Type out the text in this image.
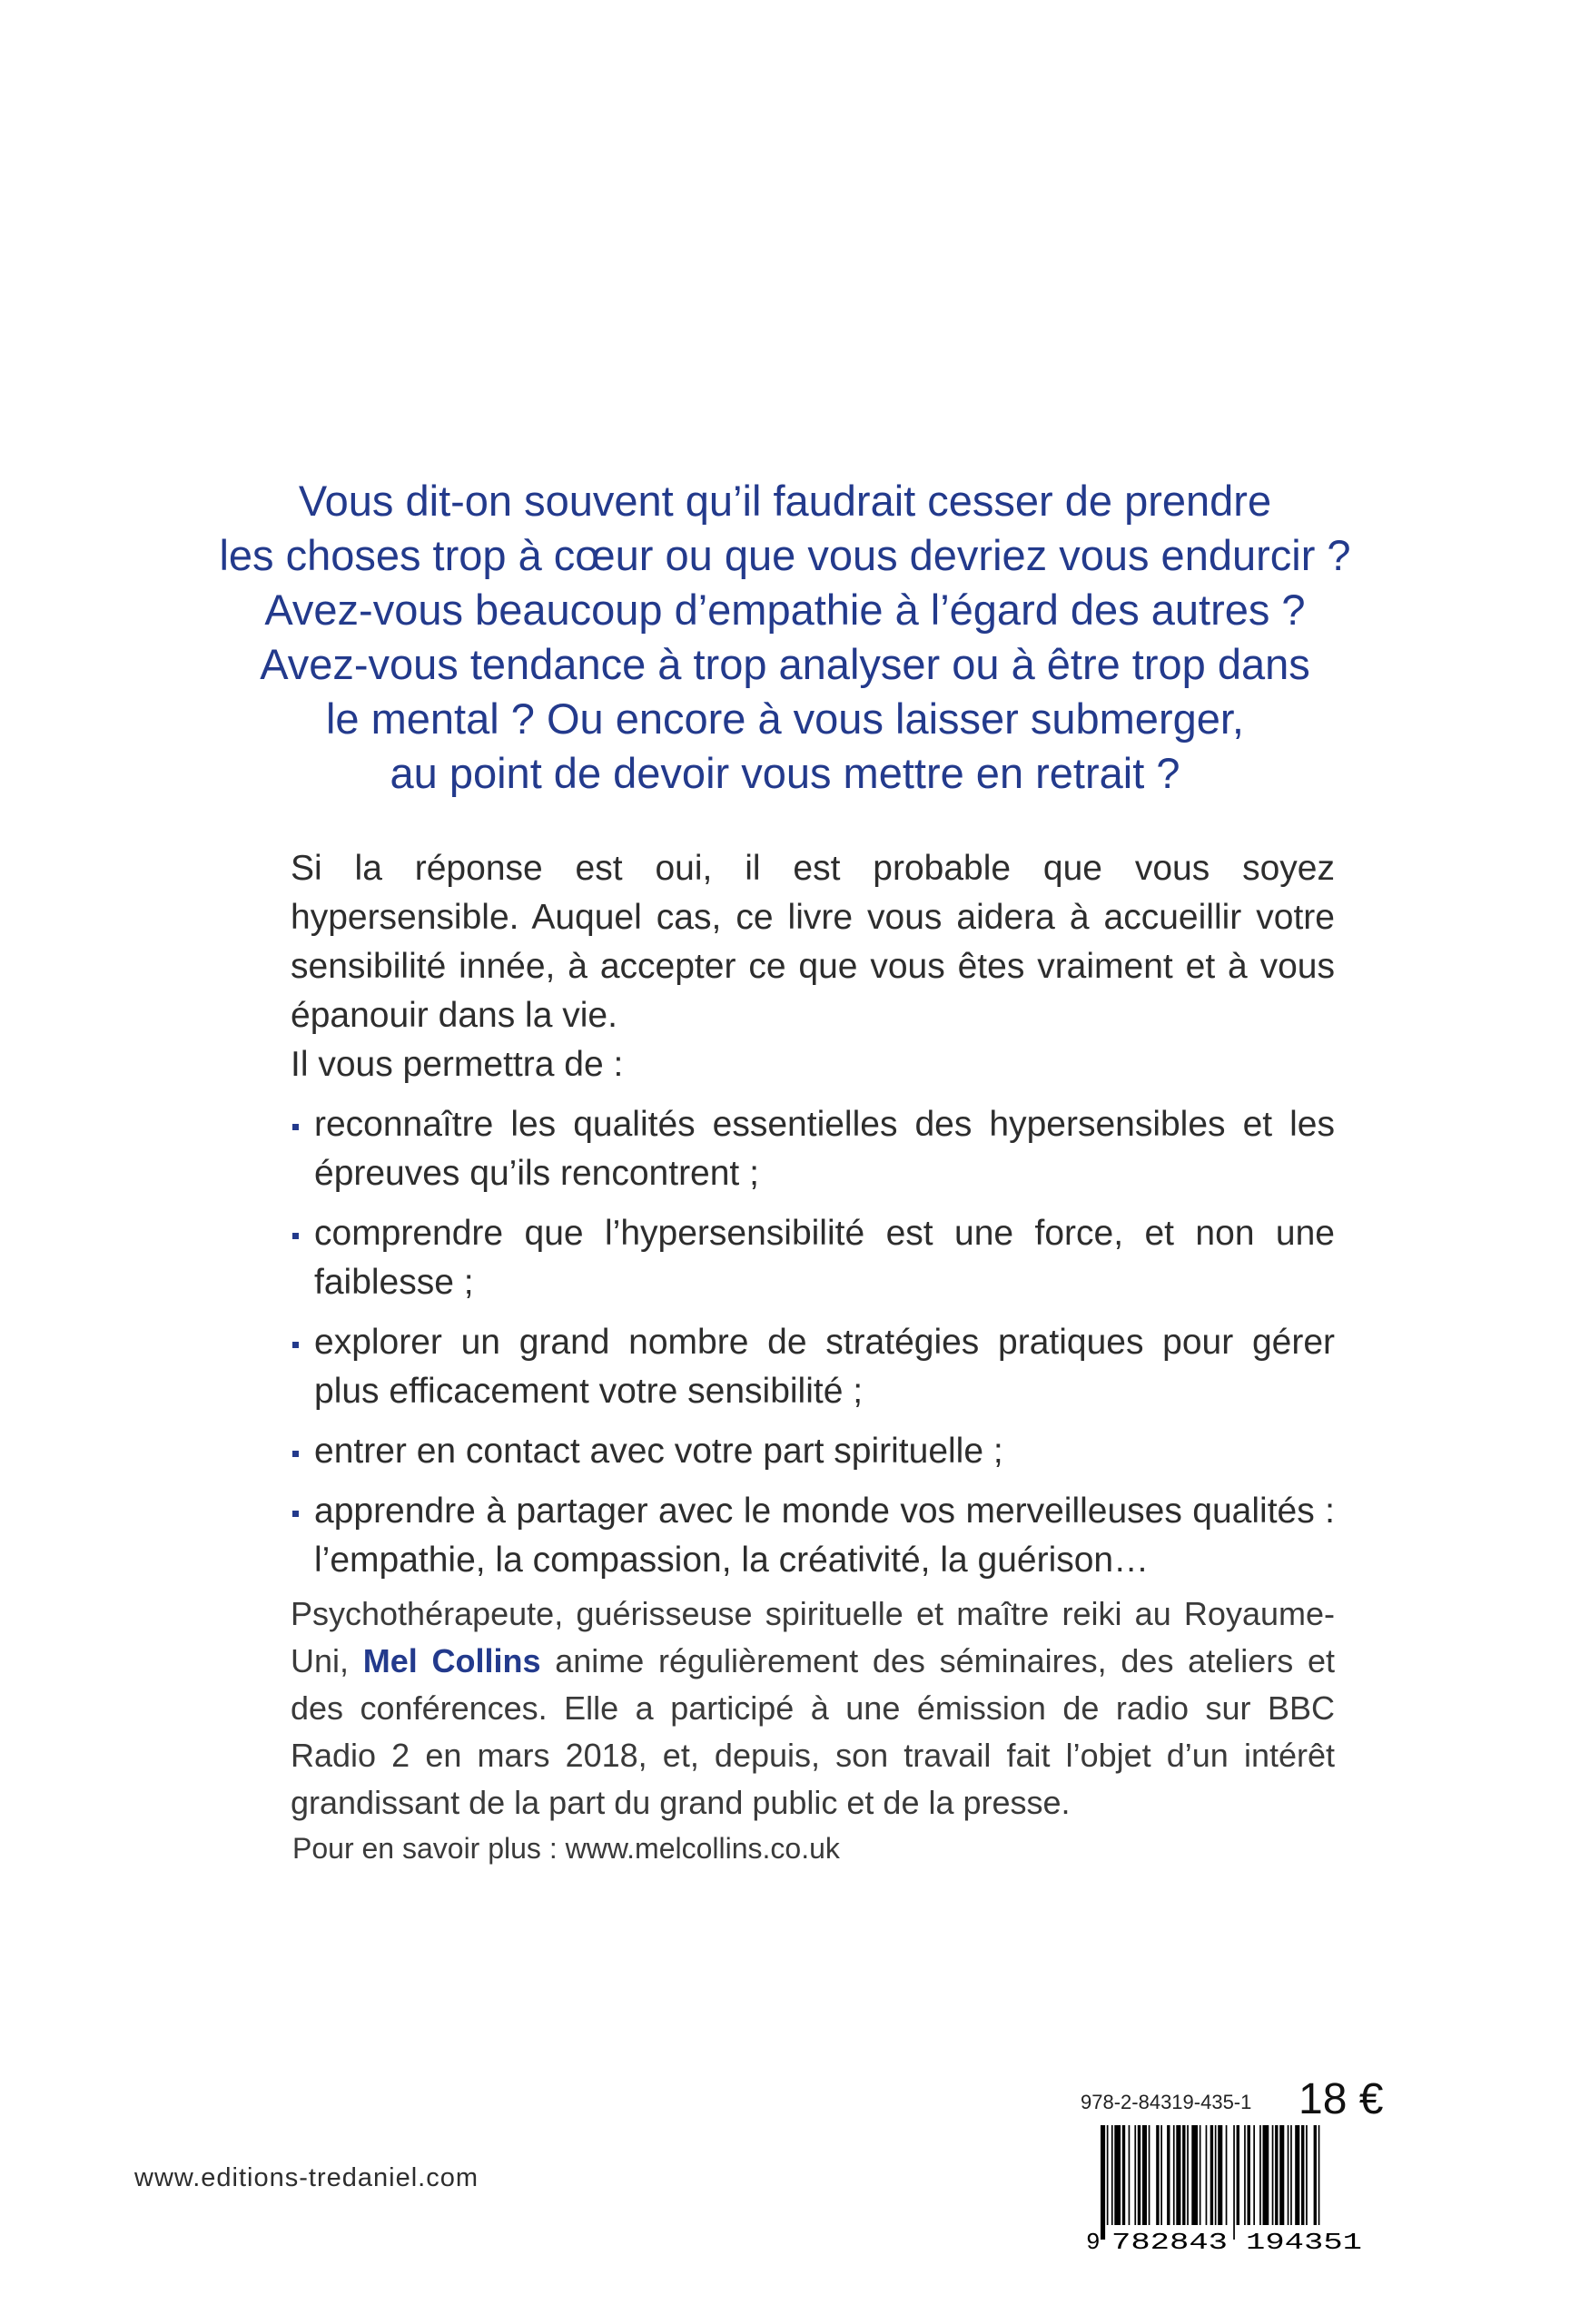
Vous dit-on souvent qu’il faudrait cesser de prendre
les choses trop à cœur ou que vous devriez vous endurcir ?
Avez-vous beaucoup d’empathie à l’égard des autres ?
Avez-vous tendance à trop analyser ou à être trop dans
le mental ? Ou encore à vous laisser submerger,
au point de devoir vous mettre en retrait ?

Si la réponse est oui, il est probable que vous soyez hypersensible. Auquel cas, ce livre vous aidera à accueillir votre sensibilité innée, à accepter ce que vous êtes vraiment et à vous épanouir dans la vie.

Il vous permettra de :

reconnaître les qualités essentielles des hypersensibles et les épreuves qu’ils rencontrent ;
comprendre que l’hypersensibilité est une force, et non une faiblesse ;
explorer un grand nombre de stratégies pratiques pour gérer plus efficacement votre sensibilité ;
entrer en contact avec votre part spirituelle ;
apprendre à partager avec le monde vos merveilleuses qualités : l’empathie, la compassion, la créativité, la guérison…

Psychothérapeute, guérisseuse spirituelle et maître reiki au Royaume-Uni, Mel Collins anime régulièrement des séminaires, des ateliers et des conférences. Elle a participé à une émission de radio sur BBC Radio 2 en mars 2018, et, depuis, son travail fait l’objet d’un intérêt grandissant de la part du grand public et de la presse.

Pour en savoir plus : www.melcollins.co.uk
www.editions-tredaniel.com
978-2-84319-435-1 18 €
9 782843 194351
